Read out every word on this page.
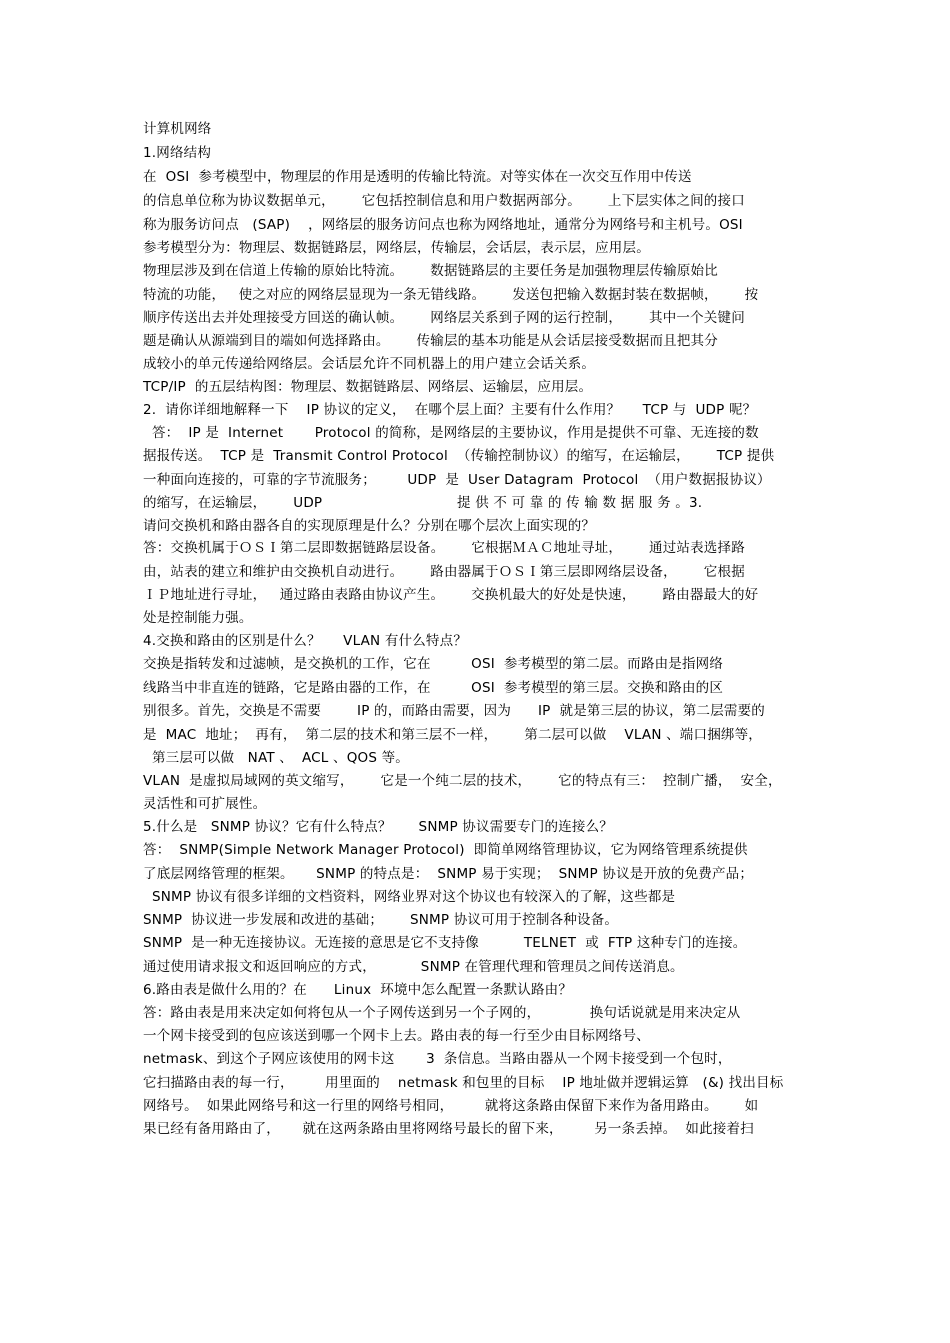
计算机网络
1.网络结构
在  OSI  参考模型中，物理层的作用是透明的传输比特流。对等实体在一次交互作用中传送
的信息单位称为协议数据单元，      它包括控制信息和用户数据两部分。      上下层实体之间的接口
称为服务访问点   (SAP)    ，网络层的服务访问点也称为网络地址，通常分为网络号和主机号。OSI
参考模型分为：物理层、数据链路层，网络层，传输层，会话层，表示层，应用层。
物理层涉及到在信道上传输的原始比特流。      数据链路层的主要任务是加强物理层传输原始比
特流的功能，   使之对应的网络层显现为一条无错线路。      发送包把输入数据封装在数据帧，      按
顺序传送出去并处理接受方回送的确认帧。      网络层关系到子网的运行控制，      其中一个关键问
题是确认从源端到目的端如何选择路由。      传输层的基本功能是从会话层接受数据而且把其分
成较小的单元传递给网络层。会话层允许不同机器上的用户建立会话关系。
TCP/IP  的五层结构图：物理层、数据链路层、网络层、运输层，应用层。
2.  请你详细地解释一下    IP 协议的定义，  在哪个层上面？主要有什么作用？     TCP 与  UDP 呢？
答：  IP 是  Internet       Protocol 的简称，是网络层的主要协议，作用是提供不可靠、无连接的数
据报传送。  TCP 是  Transmit Control Protocol  （传输控制协议）的缩写，在运输层，      TCP 提供
一种面向连接的，可靠的字节流服务；       UDP  是  User Datagram  Protocol  （用户数据报协议）
的缩写，在运输层，      UDP                              提 供 不 可 靠 的 传 输 数 据 服 务 。3.
请问交换机和路由器各自的实现原理是什么？分别在哪个层次上面实现的？
答：交换机属于ＯＳＩ第二层即数据链路层设备。      它根据ＭＡＣ地址寻址，      通过站表选择路
由，站表的建立和维护由交换机自动进行。      路由器属于ＯＳＩ第三层即网络层设备，      它根据
ＩＰ地址进行寻址，   通过路由表路由协议产生。      交换机最大的好处是快速，      路由器最大的好
处是控制能力强。
4.交换和路由的区别是什么？     VLAN 有什么特点？
交换是指转发和过滤帧，是交换机的工作，它在         OSI  参考模型的第二层。而路由是指网络
线路当中非直连的链路，它是路由器的工作，在         OSI  参考模型的第三层。交换和路由的区
别很多。首先，交换是不需要        IP 的，而路由需要，因为      IP  就是第三层的协议，第二层需要的
是  MAC  地址；  再有，  第二层的技术和第三层不一样，      第二层可以做    VLAN 、端口捆绑等，
第三层可以做   NAT 、  ACL 、QOS 等。
VLAN  是虚拟局域网的英文缩写，      它是一个纯二层的技术，      它的特点有三：  控制广播，  安全，
灵活性和可扩展性。
5.什么是   SNMP 协议？它有什么特点？      SNMP 协议需要专门的连接么？
答：  SNMP(Simple Network Manager Protocol)  即简单网络管理协议，它为网络管理系统提供
了底层网络管理的框架。     SNMP 的特点是：  SNMP 易于实现；  SNMP 协议是开放的免费产品；
SNMP 协议有很多详细的文档资料，网络业界对这个协议也有较深入的了解，这些都是
SNMP  协议进一步发展和改进的基础；      SNMP 协议可用于控制各种设备。
SNMP  是一种无连接协议。无连接的意思是它不支持像          TELNET  或  FTP 这种专门的连接。
通过使用请求报文和返回响应的方式，          SNMP 在管理代理和管理员之间传送消息。
6.路由表是做什么用的？在      Linux  环境中怎么配置一条默认路由？
答：路由表是用来决定如何将包从一个子网传送到另一个子网的，           换句话说就是用来决定从
一个网卡接受到的包应该送到哪一个网卡上去。路由表的每一行至少由目标网络号、
netmask、到这个子网应该使用的网卡这       3  条信息。当路由器从一个网卡接受到一个包时，
它扫描路由表的每一行，       用里面的    netmask 和包里的目标    IP 地址做并逻辑运算   (&) 找出目标
网络号。  如果此网络号和这一行里的网络号相同，       就将这条路由保留下来作为备用路由。      如
果已经有备用路由了，     就在这两条路由里将网络号最长的留下来，       另一条丢掉。  如此接着扫
